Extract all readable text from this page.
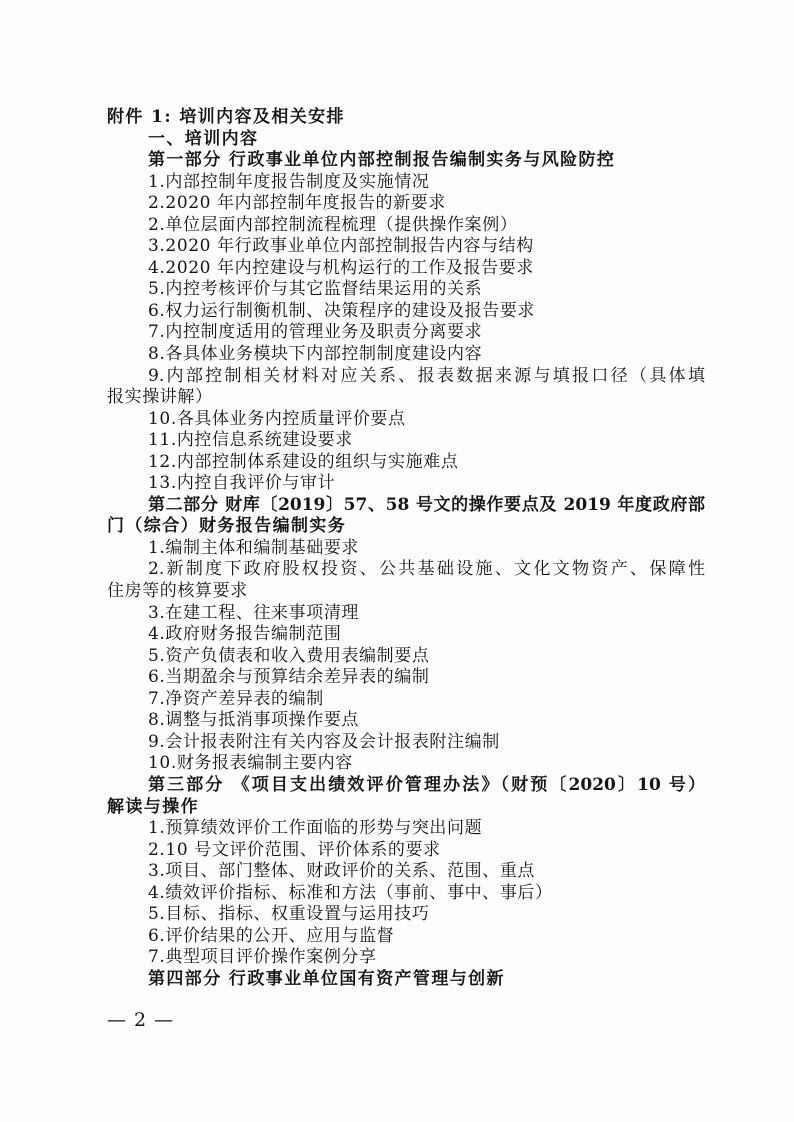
附件 1: 培训内容及相关安排
一、培训内容
第一部分 行政事业单位内部控制报告编制实务与风险防控
1.内部控制年度报告制度及实施情况
2.2020 年内部控制年度报告的新要求
2.单位层面内部控制流程梳理（提供操作案例）
3.2020 年行政事业单位内部控制报告内容与结构
4.2020 年内控建设与机构运行的工作及报告要求
5.内控考核评价与其它监督结果运用的关系
6.权力运行制衡机制、决策程序的建设及报告要求
7.内控制度适用的管理业务及职责分离要求
8.各具体业务模块下内部控制制度建设内容
9.内部控制相关材料对应关系、报表数据来源与填报口径（具体填
报实操讲解）
10.各具体业务内控质量评价要点
11.内控信息系统建设要求
12.内部控制体系建设的组织与实施难点
13.内控自我评价与审计
第二部分 财库〔2019〕57、58 号文的操作要点及 2019 年度政府部
门（综合）财务报告编制实务
1.编制主体和编制基础要求
2.新制度下政府股权投资、公共基础设施、文化文物资产、保障性
住房等的核算要求
3.在建工程、往来事项清理
4.政府财务报告编制范围
5.资产负债表和收入费用表编制要点
6.当期盈余与预算结余差异表的编制
7.净资产差异表的编制
8.调整与抵消事项操作要点
9.会计报表附注有关内容及会计报表附注编制
10.财务报表编制主要内容
第三部分 《项目支出绩效评价管理办法》（财预〔2020〕10 号）
解读与操作
1.预算绩效评价工作面临的形势与突出问题
2.10 号文评价范围、评价体系的要求
3.项目、部门整体、财政评价的关系、范围、重点
4.绩效评价指标、标准和方法（事前、事中、事后）
5.目标、指标、权重设置与运用技巧
6.评价结果的公开、应用与监督
7.典型项目评价操作案例分享
第四部分 行政事业单位国有资产管理与创新
— 2 —
